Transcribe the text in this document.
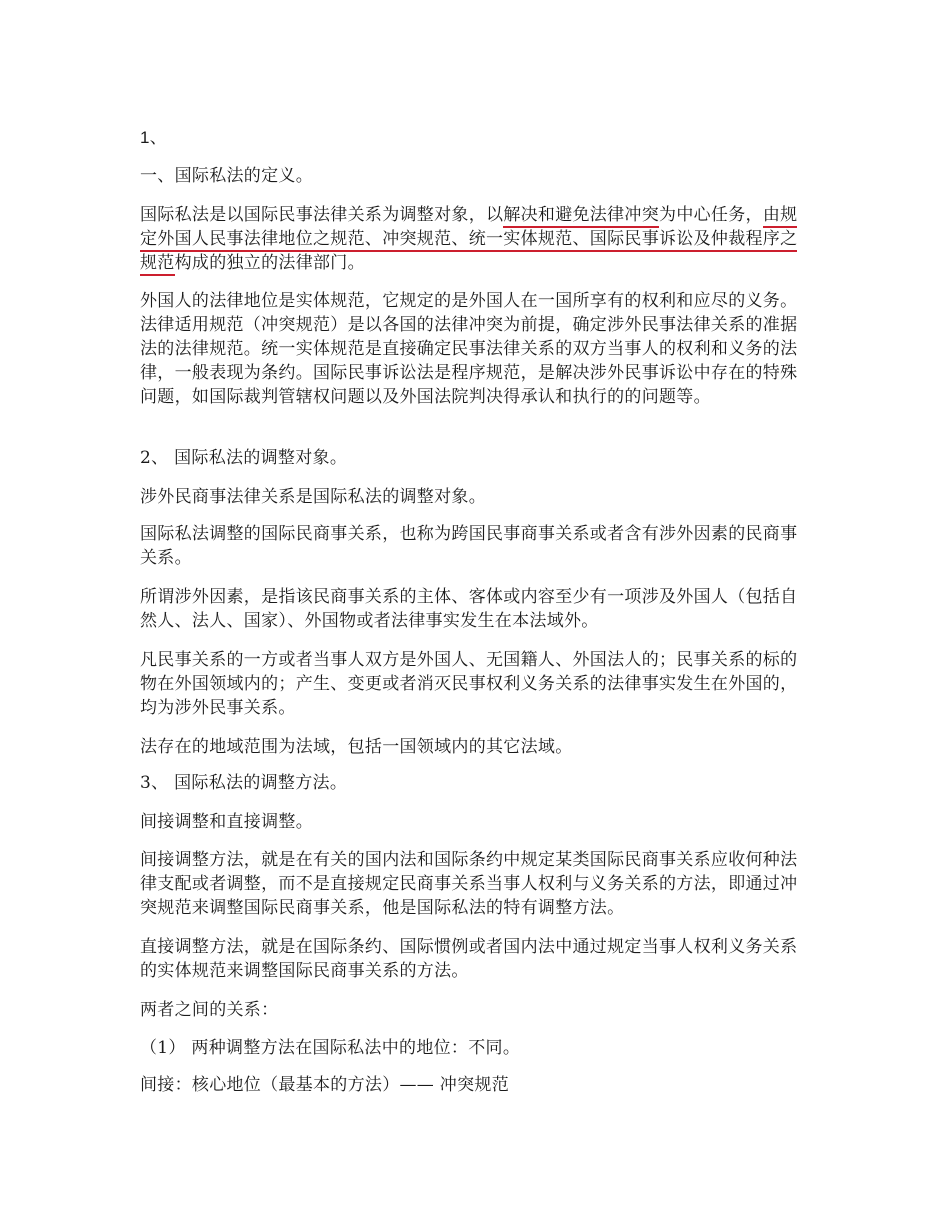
1、

一、国际私法的定义。

国际私法是以国际民事法律关系为调整对象，以解决和避免法律冲突为中心任务，由规定外国人民事法律地位之规范、冲突规范、统一实体规范、国际民事诉讼及仲裁程序之规范构成的独立的法律部门。

外国人的法律地位是实体规范，它规定的是外国人在一国所享有的权利和应尽的义务。法律适用规范（冲突规范）是以各国的法律冲突为前提，确定涉外民事法律关系的准据法的法律规范。统一实体规范是直接确定民事法律关系的双方当事人的权利和义务的法律，一般表现为条约。国际民事诉讼法是程序规范，是解决涉外民事诉讼中存在的特殊问题，如国际裁判管辖权问题以及外国法院判决得承认和执行的的问题等。

2、 国际私法的调整对象。

涉外民商事法律关系是国际私法的调整对象。

国际私法调整的国际民商事关系，也称为跨国民事商事关系或者含有涉外因素的民商事关系。

所谓涉外因素，是指该民商事关系的主体、客体或内容至少有一项涉及外国人（包括自然人、法人、国家）、外国物或者法律事实发生在本法域外。

凡民事关系的一方或者当事人双方是外国人、无国籍人、外国法人的；民事关系的标的物在外国领域内的；产生、变更或者消灭民事权利义务关系的法律事实发生在外国的，均为涉外民事关系。

法存在的地域范围为法域，包括一国领域内的其它法域。

3、 国际私法的调整方法。

间接调整和直接调整。

间接调整方法，就是在有关的国内法和国际条约中规定某类国际民商事关系应收何种法律支配或者调整，而不是直接规定民商事关系当事人权利与义务关系的方法，即通过冲突规范来调整国际民商事关系，他是国际私法的特有调整方法。

直接调整方法，就是在国际条约、国际惯例或者国内法中通过规定当事人权利义务关系的实体规范来调整国际民商事关系的方法。

两者之间的关系：

（1） 两种调整方法在国际私法中的地位：不同。

间接：核心地位（最基本的方法）—— 冲突规范
